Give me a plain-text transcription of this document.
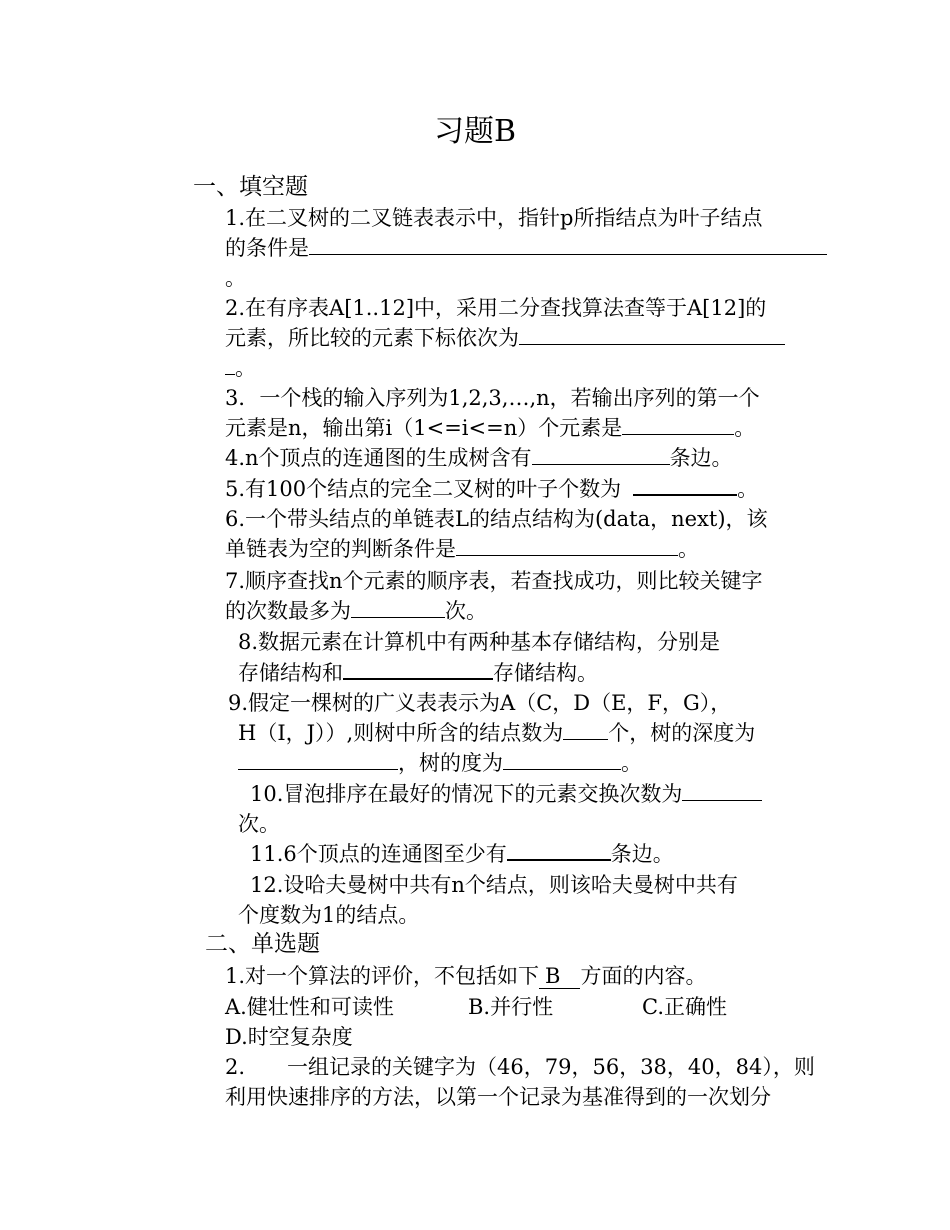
习题B
一、填空题
1.在二叉树的二叉链表表示中，指针p所指结点为叶子结点
的条件是
。
2.在有序表A[1..12]中，采用二分查找算法查等于A[12]的
元素，所比较的元素下标依次为
。
3．一个栈的输入序列为1,2,3,…,n，若输出序列的第一个
元素是n，输出第i（1<=i<=n）个元素是	。
4.n个顶点的连通图的生成树含有	条边。
5.有100个结点的完全二叉树的叶子个数为	。
6.一个带头结点的单链表L的结点结构为(data，next)，该
单链表为空的判断条件是	。
7.顺序查找n个元素的顺序表，若查找成功，则比较关键字
的次数最多为	次。
8.数据元素在计算机中有两种基本存储结构，分别是
存储结构和	存储结构。
9.假定一棵树的广义表表示为A（C，D（E，F，G），
H（I，J））,则树中所含的结点数为 个，树的深度为
，树的度为	。
10.冒泡排序在最好的情况下的元素交换次数为
次。
11.6个顶点的连通图至少有	条边。
12.设哈夫曼树中共有n个结点，则该哈夫曼树中共有
个度数为1的结点。
二、单选题
1.对一个算法的评价，不包括如下 B 方面的内容。
A.健壮性和可读性	B.并行性	C.正确性
D.时空复杂度
2.　　一组记录的关键字为（46，79，56，38，40，84），则
利用快速排序的方法，以第一个记录为基准得到的一次划分
